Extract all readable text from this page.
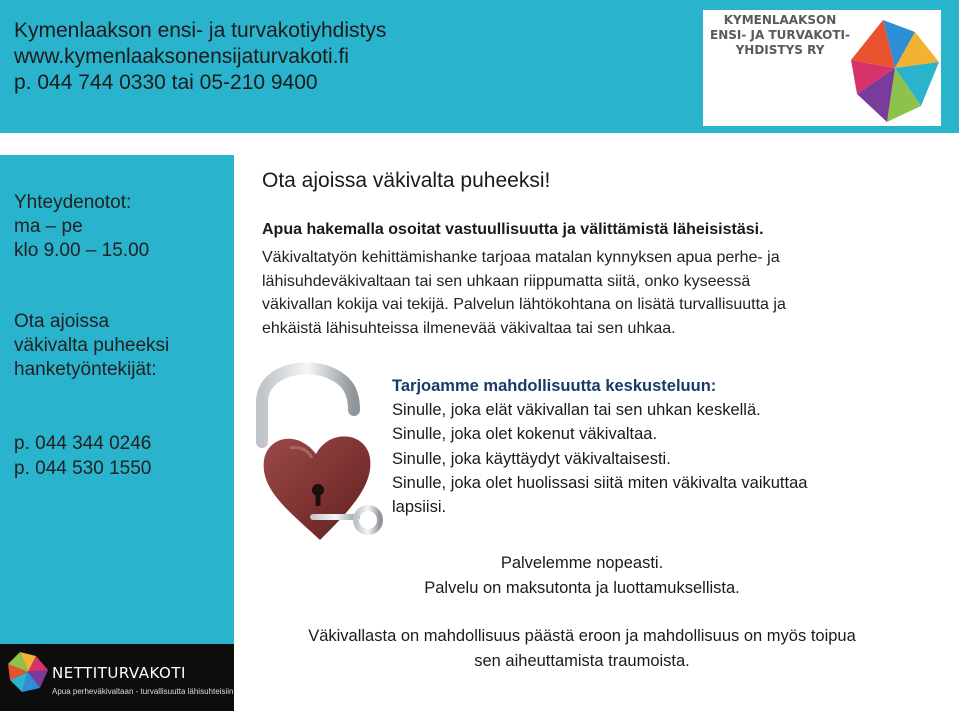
Kymenlaakson ensi- ja turvakotiyhdistys
www.kymenlaaksonensijaturvakoti.fi
p. 044 744 0330 tai 05-210 9400
KYMENLAAKSON
ENSI- JA TURVAKOTI-
YHDISTYS RY
Yhteydenotot:
ma – pe
klo 9.00 – 15.00
Ota ajoissa
väkivalta puheeksi
hanketyöntekijät:
p. 044 344 0246
p. 044 530 1550
NETTITURVAKOTI
Apua perheväkivaltaan - turvallisuutta lähisuhteisiin
Ota ajoissa väkivalta puheeksi!
Apua hakemalla osoitat vastuullisuutta ja välittämistä läheisistäsi.
Väkivaltatyön kehittämishanke tarjoaa matalan kynnyksen apua perhe- ja
lähisuhdeväkivaltaan tai sen uhkaan riippumatta siitä, onko kyseessä
väkivallan kokija vai tekijä. Palvelun lähtökohtana on lisätä turvallisuutta ja
ehkäistä lähisuhteissa ilmenevää väkivaltaa tai sen uhkaa.
Tarjoamme mahdollisuutta keskusteluun:
Sinulle, joka elät väkivallan tai sen uhkan keskellä.
Sinulle, joka olet kokenut väkivaltaa.
Sinulle, joka käyttäydyt väkivaltaisesti.
Sinulle, joka olet huolissasi siitä miten väkivalta vaikuttaa
lapsiisi.
Palvelemme nopeasti.
Palvelu on maksutonta ja luottamuksellista.
Väkivallasta on mahdollisuus päästä eroon ja mahdollisuus on myös toipua
sen aiheuttamista traumoista.
